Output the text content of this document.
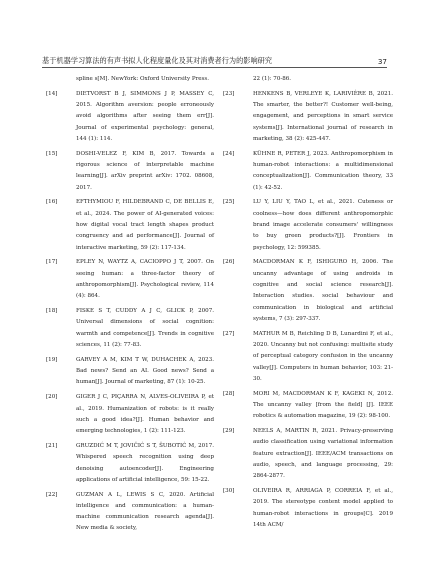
基于机器学习算法的有声书拟人化程度量化及其对消费者行为的影响研究	37
spline s[M]. NewYork: Oxford University Press.
[14]	DIETVORST B J, SIMMONS J P, MASSEY C, 2015. Algorithm aversion: people erroneously avoid algorithms after seeing them err[J]. Journal of experimental psychology: general, 144 (1): 114.
[15]	DOSHI-VELEZ F, KIM B, 2017. Towards a rigorous science of interpretable machine learning[J]. arXiv preprint arXiv: 1702. 08608, 2017.
[16]	EFTHYMIOU F, HILDEBRAND C, DE BELLIS E, et al., 2024. The power of AI-generated voices: how digital vocal tract length shapes product congruency and ad performance[J]. Journal of interactive marketing, 59 (2): 117-134.
[17]	EPLEY N, WAYTZ A, CACIOPPO J T, 2007. On seeing human: a three-factor theory of anthropomorphism[J]. Psychological review, 114 (4): 864.
[18]	FISKE S T, CUDDY A J C, GLICK P, 2007. Universal dimensions of social cognition: warmth and competence[J]. Trends in cognitive sciences, 11 (2): 77-83.
[19]	GARVEY A M, KIM T W, DUHACHEK A, 2023. Bad news? Send an AI. Good news? Send a human[J]. Journal of marketing, 87 (1): 10-25.
[20]	GIGER J C, PIÇARRA N, ALVES-OLIVEIRA P, et al., 2019. Humanization of robots: is it really such a good idea?[J]. Human behavior and emerging technologies, 1 (2): 111-123.
[21]	GRUZDIĆ M T, JOVIČIĆ S T, ŠUBOTIĆ M, 2017. Whispered speech recognition using deep denoising autoencoder[J]. Engineering applications of artificial intelligence, 59: 15-22.
[22]	GUZMAN A L, LEWIS S C, 2020. Artificial intelligence and communication: a human-machine communication research agenda[J]. New media & society,
22 (1): 70-86.
[23]	HENKENS B, VERLEYE K, LARIVIÈRE B, 2021. The smarter, the better?! Customer well-being, engagement, and perceptions in smart service systems[J]. International journal of research in marketing, 38 (2): 425-447.
[24]	KÜHNE R, PETER J, 2023. Anthropomorphism in human-robot interactions: a multidimensional conceptualization[J]. Communication theory, 33 (1): 42-52.
[25]	LU Y, LIU Y, TAO L, et al., 2021. Cuteness or coolness—how does different anthropomorphic brand image accelerate consumers' willingness to buy green products?[J]. Frontiers in psychology, 12: 599385.
[26]	MACDORMAN K F, ISHIGURO H, 2006. The uncanny advantage of using androids in cognitive and social science research[J]. Interaction studies. social behaviour and communication in biological and artificial systems, 7 (3): 297-337.
[27]	MATHUR M B, Reichling D B, Lunardini F, et al., 2020. Uncanny but not confusing: multisite study of perceptual category confusion in the uncanny valley[J]. Computers in human behavior, 103: 21-30.
[28]	MORI M, MACDORMAN K F, KAGEKI N, 2012. The uncanny valley [from the field] [J]. IEEE robotics & automation magazine, 19 (2): 98-100.
[29]	NEELS A, MARTIN R, 2021. Privacy-preserving audio classification using variational information feature extraction[J]. IEEE/ACM transactions on audio, speech, and language processing, 29: 2864-2877.
[30]	OLIVEIRA R, ARRIAGA P, CORREIA F, et al., 2019. The stereotype content model applied to human-robot interactions in groups[C]. 2019 14th ACM/
